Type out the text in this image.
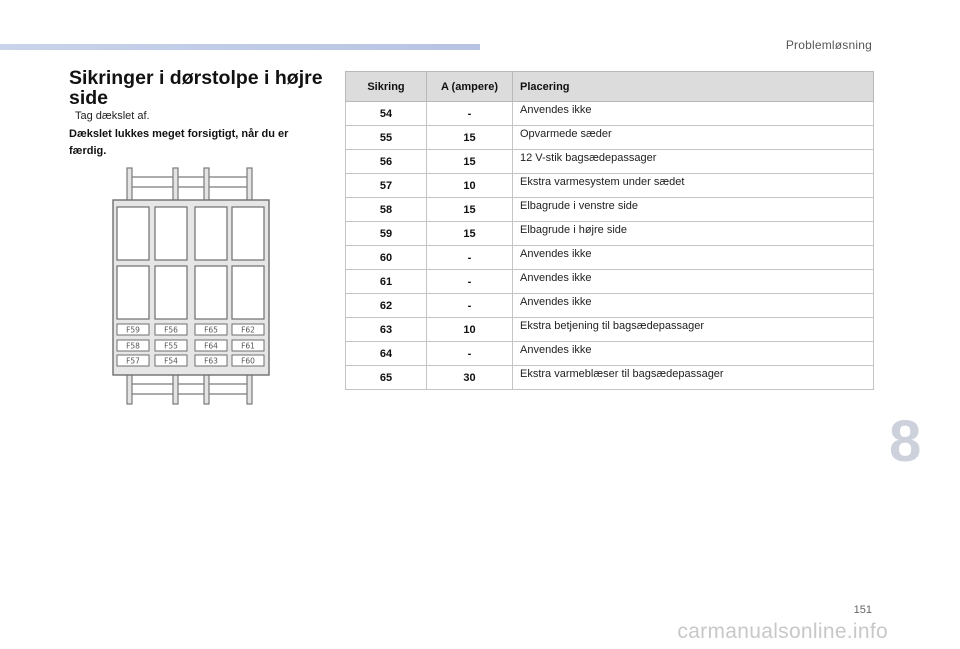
Problemløsning
Sikringer i dørstolpe i højre side
Tag dækslet af.
Dækslet lukkes meget forsigtigt, når du er færdig.
F59	F56	F65	F62
F58	F55	F64	F61
F57	F54	F63	F60
Sikring	A (ampere)	Placering
54	-	Anvendes ikke
55	15	Opvarmede sæder
56	15	12 V-stik bagsædepassager
57	10	Ekstra varmesystem under sædet
58	15	Elbagrude i venstre side
59	15	Elbagrude i højre side
60	-	Anvendes ikke
61	-	Anvendes ikke
62	-	Anvendes ikke
63	10	Ekstra betjening til bagsædepassager
64	-	Anvendes ikke
65	30	Ekstra varmeblæser til bagsædepassager
8
151
carmanualsonline.info
